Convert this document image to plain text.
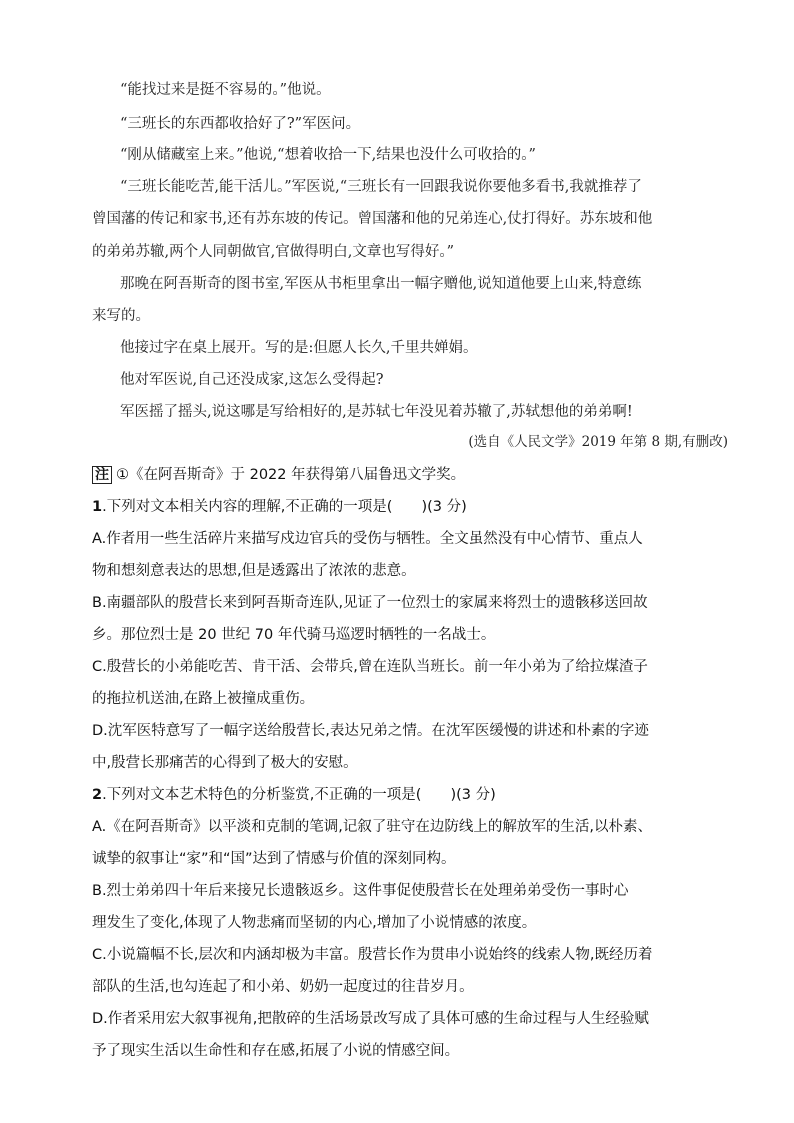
“能找过来是挺不容易的。”他说。
“三班长的东西都收拾好了?”军医问。
“刚从储藏室上来。”他说,“想着收拾一下,结果也没什么可收拾的。”
“三班长能吃苦,能干活儿。”军医说,“三班长有一回跟我说你要他多看书,我就推荐了
曾国藩的传记和家书,还有苏东坡的传记。曾国藩和他的兄弟连心,仗打得好。苏东坡和他
的弟弟苏辙,两个人同朝做官,官做得明白,文章也写得好。”
那晚在阿吾斯奇的图书室,军医从书柜里拿出一幅字赠他,说知道他要上山来,特意练
来写的。
他接过字在桌上展开。写的是:但愿人长久,千里共婵娟。
他对军医说,自己还没成家,这怎么受得起?
军医摇了摇头,说这哪是写给相好的,是苏轼七年没见着苏辙了,苏轼想他的弟弟啊!
(选自《人民文学》2019 年第 8 期,有删改)
注 ①《在阿吾斯奇》于 2022 年获得第八届鲁迅文学奖。
1.下列对文本相关内容的理解,不正确的一项是(　　)(3 分)
A.作者用一些生活碎片来描写戍边官兵的受伤与牺牲。全文虽然没有中心情节、重点人
物和想刻意表达的思想,但是透露出了浓浓的悲意。
B.南疆部队的殷营长来到阿吾斯奇连队,见证了一位烈士的家属来将烈士的遗骸移送回故
乡。那位烈士是 20 世纪 70 年代骑马巡逻时牺牲的一名战士。
C.殷营长的小弟能吃苦、肯干活、会带兵,曾在连队当班长。前一年小弟为了给拉煤渣子
的拖拉机送油,在路上被撞成重伤。
D.沈军医特意写了一幅字送给殷营长,表达兄弟之情。在沈军医缓慢的讲述和朴素的字迹
中,殷营长那痛苦的心得到了极大的安慰。
2.下列对文本艺术特色的分析鉴赏,不正确的一项是(　　)(3 分)
A.《在阿吾斯奇》以平淡和克制的笔调,记叙了驻守在边防线上的解放军的生活,以朴素、
诚挚的叙事让“家”和“国”达到了情感与价值的深刻同构。
B.烈士弟弟四十年后来接兄长遗骸返乡。这件事促使殷营长在处理弟弟受伤一事时心
理发生了变化,体现了人物悲痛而坚韧的内心,增加了小说情感的浓度。
C.小说篇幅不长,层次和内涵却极为丰富。殷营长作为贯串小说始终的线索人物,既经历着
部队的生活,也勾连起了和小弟、奶奶一起度过的往昔岁月。
D.作者采用宏大叙事视角,把散碎的生活场景改写成了具体可感的生命过程与人生经验赋
予了现实生活以生命性和存在感,拓展了小说的情感空间。
